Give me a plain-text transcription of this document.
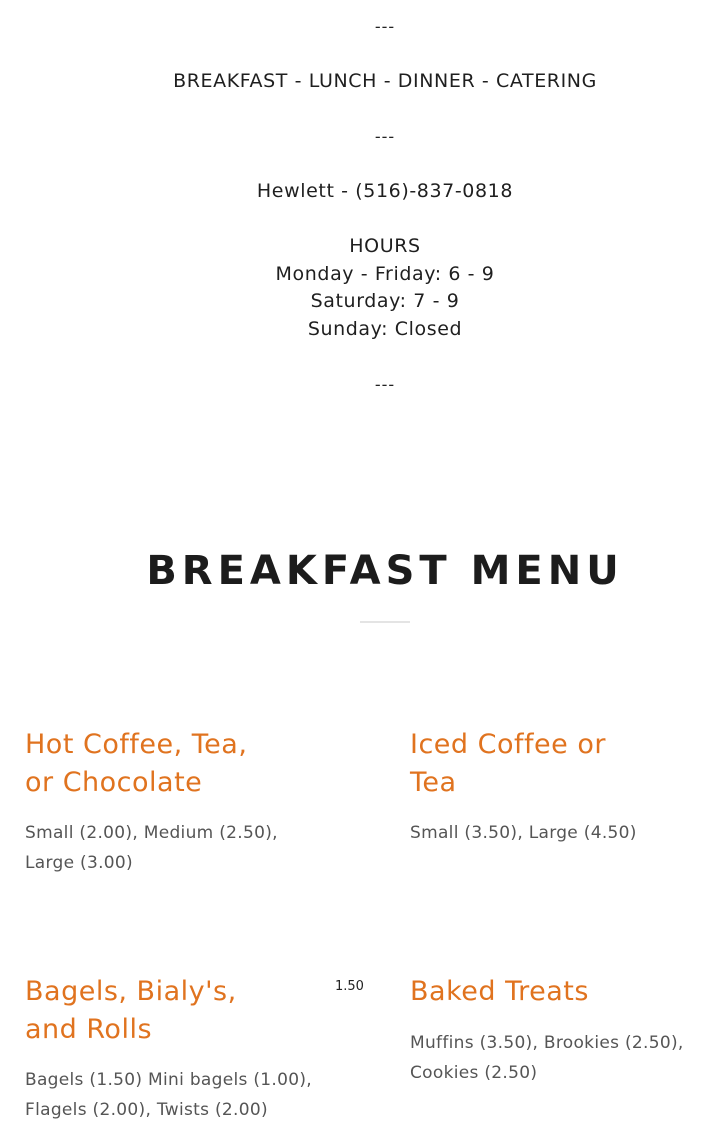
---
BREAKFAST - LUNCH - DINNER - CATERING
---
Hewlett - (516)-837-0818
HOURS
Monday - Friday: 6 - 9
Saturday: 7 - 9
Sunday: Closed
---
BREAKFAST MENU
Hot Coffee, Tea,
or Chocolate
Small (2.00), Medium (2.50),
Large (3.00)
Iced Coffee or
Tea
Small (3.50), Large (4.50)
Bagels, Bialy's,
and Rolls
1.50
Bagels (1.50) Mini bagels (1.00),
Flagels (2.00), Twists (2.00)
Baked Treats
Muffins (3.50), Brookies (2.50),
Cookies (2.50)
